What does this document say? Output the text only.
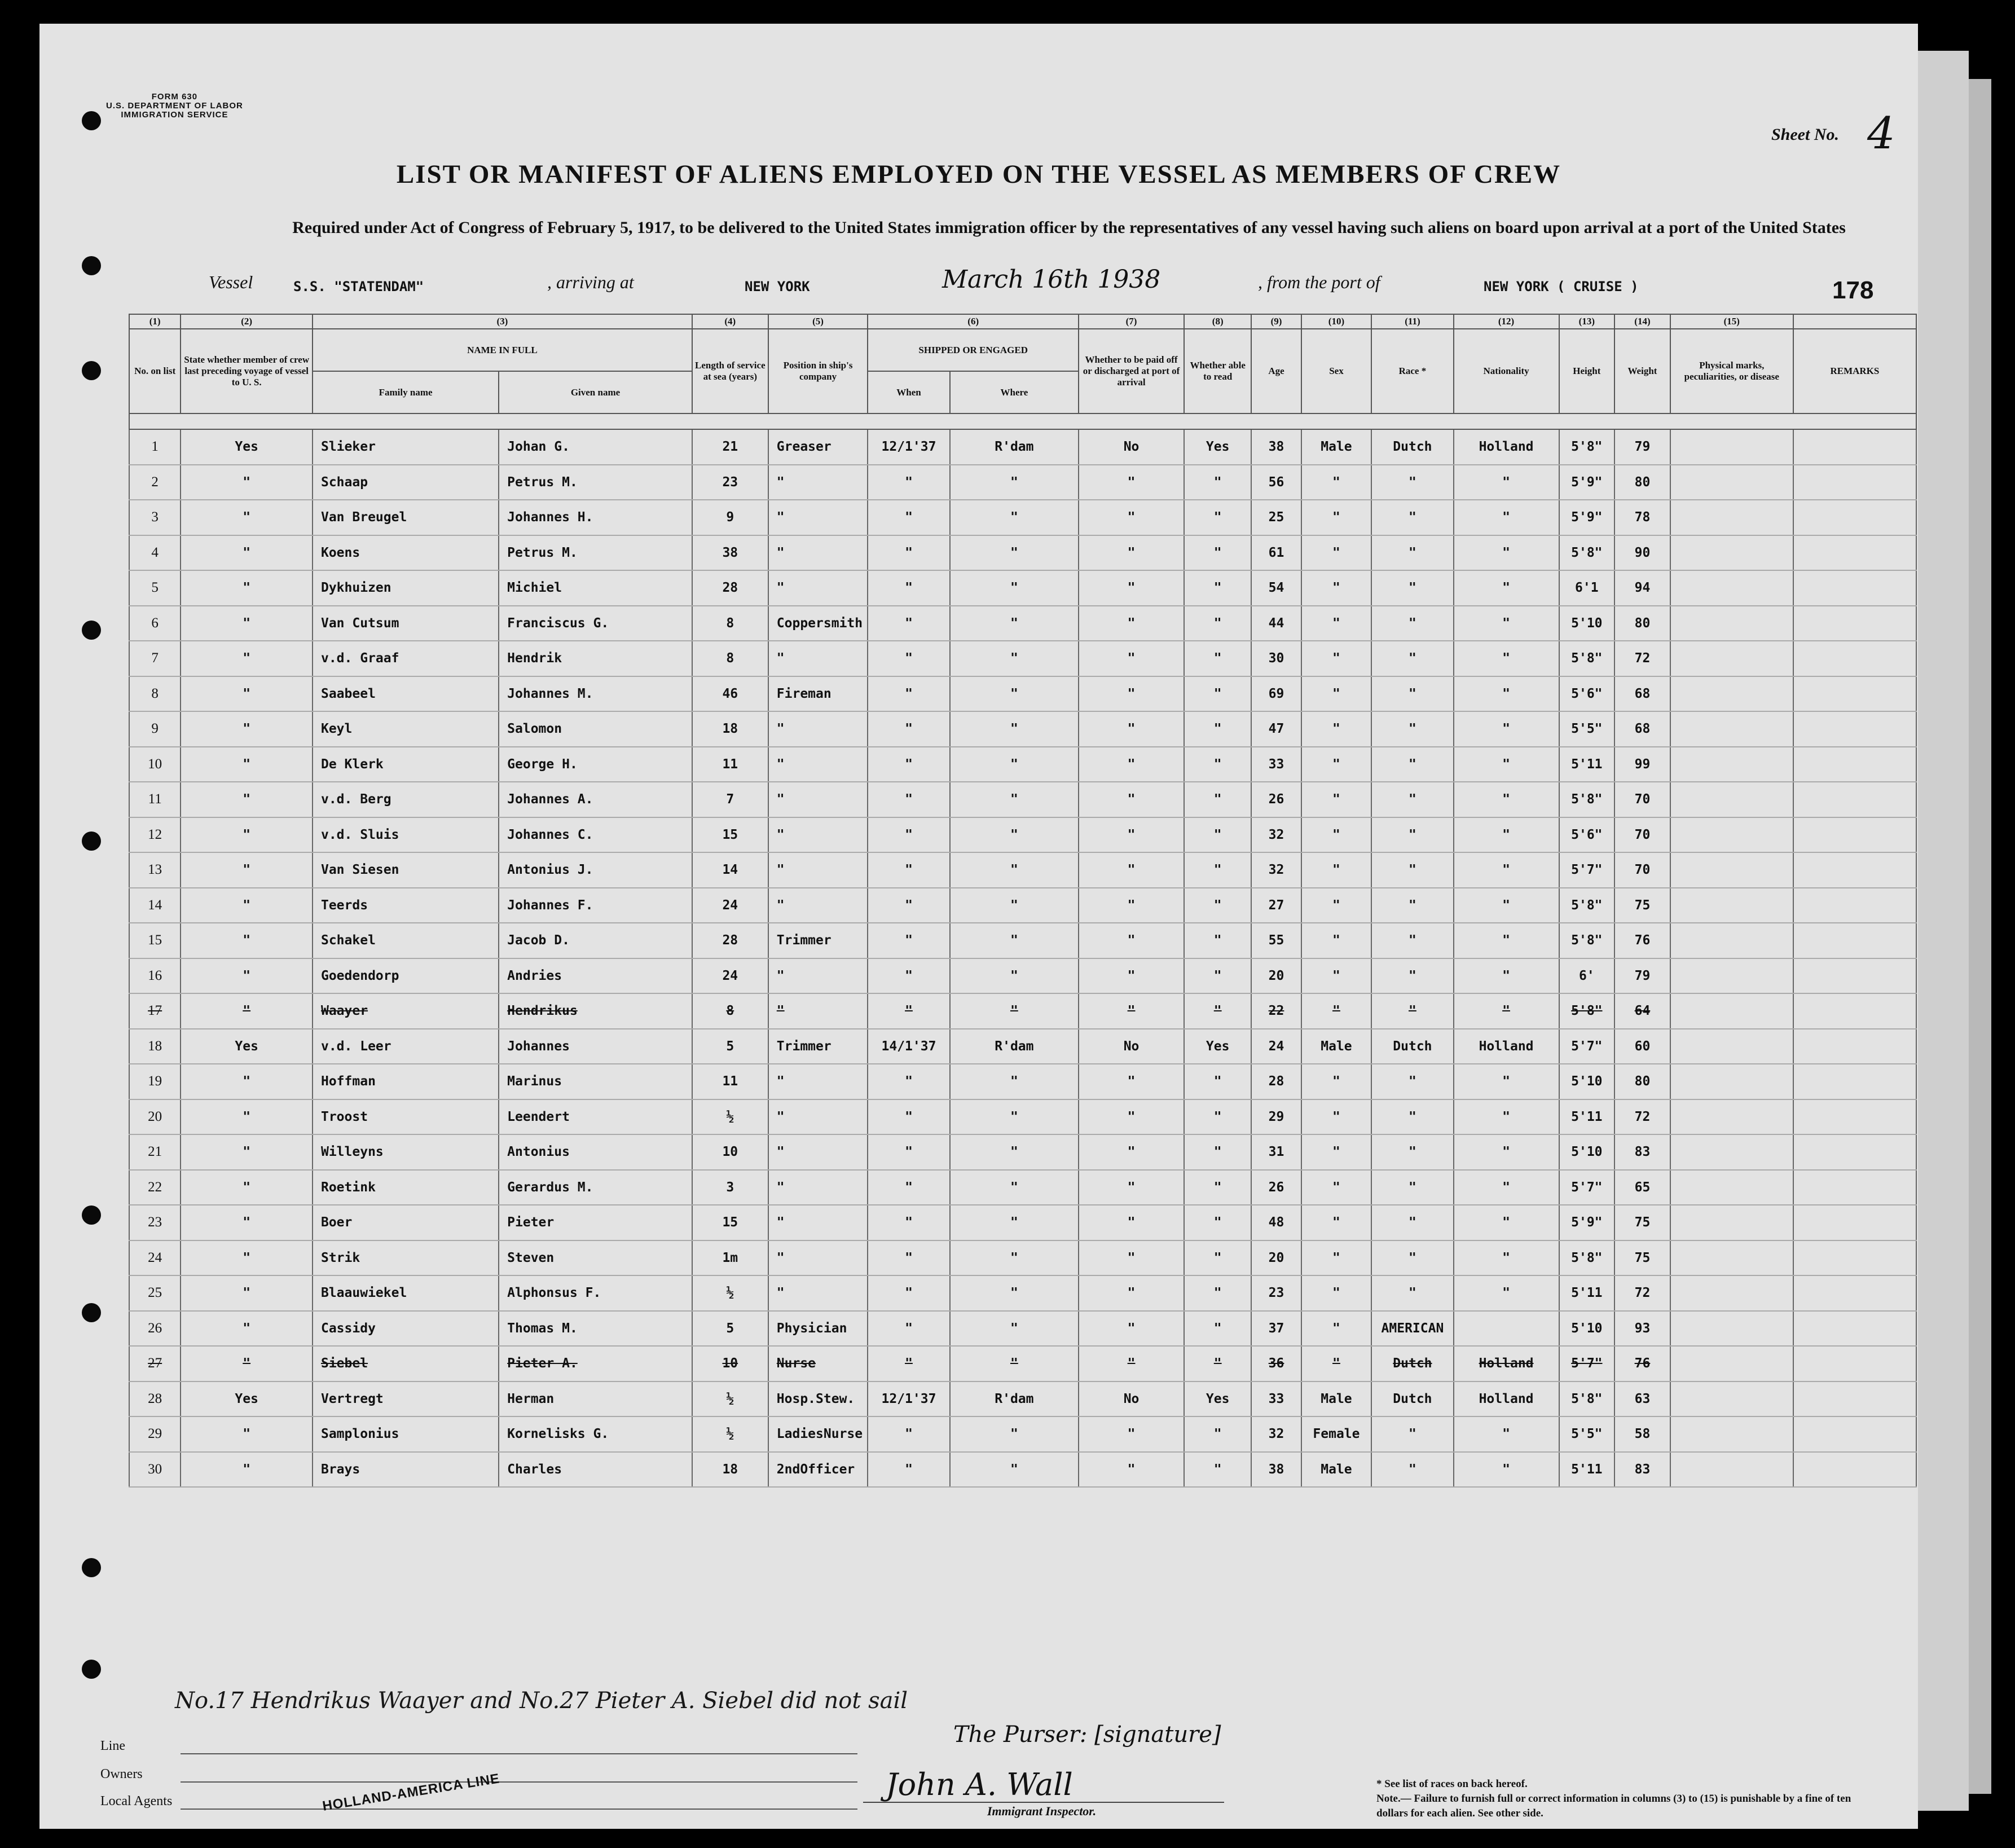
FORM 630
U.S. DEPARTMENT OF LABOR
IMMIGRATION SERVICE
Sheet No. 4
LIST OR MANIFEST OF ALIENS EMPLOYED ON THE VESSEL AS MEMBERS OF CREW
Required under Act of Congress of February 5, 1917, to be delivered to the United States immigration officer by the representatives of any vessel having such aliens on board upon arrival at a port of the United States
Vessel	S.S. "STATENDAM"	, arriving at	NEW YORK	March 16th 1938	, from the port of	NEW YORK ( CRUISE )	178
(1)	(2)	(3)		(4)	(5)	(6)		(7)	(8)	(9)	(10)	(11)	(12)	(13)	(14)	(15)	
No. on list	State whether member of crew last preceding voyage of vessel to U. S.	NAME IN FULL		Length of service at sea (years)	Position in ship's company	SHIPPED OR ENGAGED		Whether to be paid off or discharged at port of arrival	Whether able to read	Age	Sex	Race *	Nationality	Height	Weight	Physical marks, peculiarities, or disease	REMARKS
		Family name	Given name			When	Where										

1	Yes	Slieker	Johan G.	21	Greaser	12/1'37	R'dam	No	Yes	38	Male	Dutch	Holland	5'8"	79		
2	"	Schaap	Petrus M.	23	"	"	"	"	"	56	"	"	"	5'9"	80		
3	"	Van Breugel	Johannes H.	9	"	"	"	"	"	25	"	"	"	5'9"	78		
4	"	Koens	Petrus M.	38	"	"	"	"	"	61	"	"	"	5'8"	90		
5	"	Dykhuizen	Michiel	28	"	"	"	"	"	54	"	"	"	6'1	94		
6	"	Van Cutsum	Franciscus G.	8	Coppersmith	"	"	"	"	44	"	"	"	5'10	80		
7	"	v.d. Graaf	Hendrik	8	"	"	"	"	"	30	"	"	"	5'8"	72		
8	"	Saabeel	Johannes M.	46	Fireman	"	"	"	"	69	"	"	"	5'6"	68		
9	"	Keyl	Salomon	18	"	"	"	"	"	47	"	"	"	5'5"	68		
10	"	De Klerk	George H.	11	"	"	"	"	"	33	"	"	"	5'11	99		
11	"	v.d. Berg	Johannes A.	7	"	"	"	"	"	26	"	"	"	5'8"	70		
12	"	v.d. Sluis	Johannes C.	15	"	"	"	"	"	32	"	"	"	5'6"	70		
13	"	Van Siesen	Antonius J.	14	"	"	"	"	"	32	"	"	"	5'7"	70		
14	"	Teerds	Johannes F.	24	"	"	"	"	"	27	"	"	"	5'8"	75		
15	"	Schakel	Jacob D.	28	Trimmer	"	"	"	"	55	"	"	"	5'8"	76		
16	"	Goedendorp	Andries	24	"	"	"	"	"	20	"	"	"	6'	79		
17	"	Waayer	Hendrikus	8	"	"	"	"	"	22	"	"	"	5'8"	64		
18	Yes	v.d. Leer	Johannes	5	Trimmer	14/1'37	R'dam	No	Yes	24	Male	Dutch	Holland	5'7"	60		
19	"	Hoffman	Marinus	11	"	"	"	"	"	28	"	"	"	5'10	80		
20	"	Troost	Leendert	½	"	"	"	"	"	29	"	"	"	5'11	72		
21	"	Willeyns	Antonius	10	"	"	"	"	"	31	"	"	"	5'10	83		
22	"	Roetink	Gerardus M.	3	"	"	"	"	"	26	"	"	"	5'7"	65		
23	"	Boer	Pieter	15	"	"	"	"	"	48	"	"	"	5'9"	75		
24	"	Strik	Steven	1m	"	"	"	"	"	20	"	"	"	5'8"	75		
25	"	Blaauwiekel	Alphonsus F.	½	"	"	"	"	"	23	"	"	"	5'11	72		
26	"	Cassidy	Thomas M.	5	Physician	"	"	"	"	37	"	AMERICAN		5'10	93		
27	"	Siebel	Pieter A.	10	Nurse	"	"	"	"	36	"	Dutch	Holland	5'7"	76		
28	Yes	Vertregt	Herman	½	Hosp.Stew.	12/1'37	R'dam	No	Yes	33	Male	Dutch	Holland	5'8"	63		
29	"	Samplonius	Kornelisks G.	½	LadiesNurse	"	"	"	"	32	Female	"	"	5'5"	58		
30	"	Brays	Charles	18	2ndOfficer	"	"	"	"	38	Male	"	"	5'11	83		
No.17 Hendrikus Waayer and No.27 Pieter A. Siebel did not sail
Line
Owners
Local Agents	HOLLAND-AMERICA LINE
The Purser: [signature]
John A. Wall
Immigrant Inspector.
* See list of races on back hereof.
Note.— Failure to furnish full or correct information in columns (3) to (15) is punishable by a fine of ten dollars for each alien. See other side.
